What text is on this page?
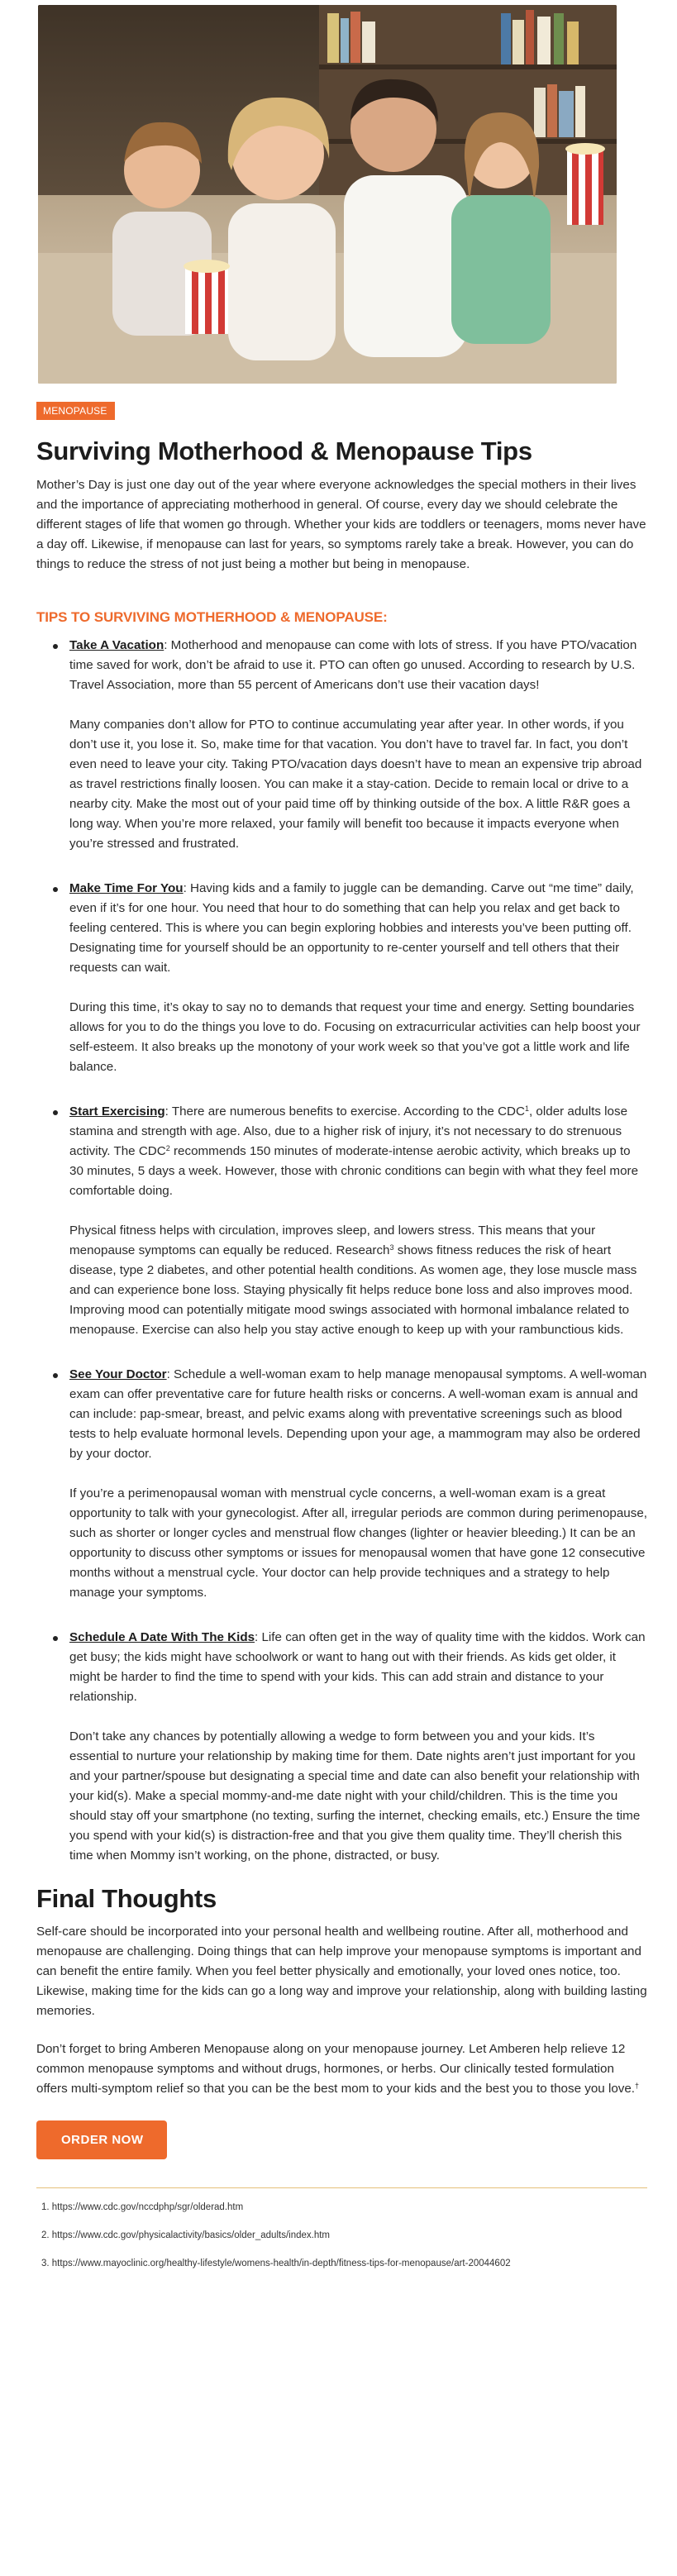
MENOPAUSE
Surviving Motherhood & Menopause Tips

Mother’s Day is just one day out of the year where everyone acknowledges the special mothers in their lives and the importance of appreciating motherhood in general. Of course, every day we should celebrate the different stages of life that women go through. Whether your kids are toddlers or teenagers, moms never have a day off. Likewise, if menopause can last for years, so symptoms rarely take a break. However, you can do things to reduce the stress of not just being a mother but being in menopause.

TIPS TO SURVIVING MOTHERHOOD & MENOPAUSE:

Take A Vacation: Motherhood and menopause can come with lots of stress. If you have PTO/vacation time saved for work, don’t be afraid to use it. PTO can often go unused. According to research by U.S. Travel Association, more than 55 percent of Americans don’t use their vacation days!

Many companies don’t allow for PTO to continue accumulating year after year. In other words, if you don’t use it, you lose it. So, make time for that vacation. You don’t have to travel far. In fact, you don’t even need to leave your city. Taking PTO/vacation days doesn’t have to mean an expensive trip abroad as travel restrictions finally loosen. You can make it a stay-cation. Decide to remain local or drive to a nearby city. Make the most out of your paid time off by thinking outside of the box. A little R&R goes a long way. When you’re more relaxed, your family will benefit too because it impacts everyone when you’re stressed and frustrated.

Make Time For You: Having kids and a family to juggle can be demanding. Carve out “me time” daily, even if it’s for one hour. You need that hour to do something that can help you relax and get back to feeling centered. This is where you can begin exploring hobbies and interests you’ve been putting off. Designating time for yourself should be an opportunity to re-center yourself and tell others that their requests can wait.

During this time, it’s okay to say no to demands that request your time and energy. Setting boundaries allows for you to do the things you love to do. Focusing on extracurricular activities can help boost your self-esteem. It also breaks up the monotony of your work week so that you’ve got a little work and life balance.

Start Exercising: There are numerous benefits to exercise. According to the CDC$^1$, older adults lose stamina and strength with age. Also, due to a higher risk of injury, it’s not necessary to do strenuous activity. The CDC$^2$ recommends 150 minutes of moderate-intense aerobic activity, which breaks up to 30 minutes, 5 days a week. However, those with chronic conditions can begin with what they feel more comfortable doing.

Physical fitness helps with circulation, improves sleep, and lowers stress. This means that your menopause symptoms can equally be reduced. Research$^3$ shows fitness reduces the risk of heart disease, type 2 diabetes, and other potential health conditions. As women age, they lose muscle mass and can experience bone loss. Staying physically fit helps reduce bone loss and also improves mood. Improving mood can potentially mitigate mood swings associated with hormonal imbalance related to menopause. Exercise can also help you stay active enough to keep up with your rambunctious kids.

See Your Doctor: Schedule a well-woman exam to help manage menopausal symptoms. A well-woman exam can offer preventative care for future health risks or concerns. A well-woman exam is annual and can include: pap-smear, breast, and pelvic exams along with preventative screenings such as blood tests to help evaluate hormonal levels. Depending upon your age, a mammogram may also be ordered by your doctor.

If you’re a perimenopausal woman with menstrual cycle concerns, a well-woman exam is a great opportunity to talk with your gynecologist. After all, irregular periods are common during perimenopause, such as shorter or longer cycles and menstrual flow changes (lighter or heavier bleeding.) It can be an opportunity to discuss other symptoms or issues for menopausal women that have gone 12 consecutive months without a menstrual cycle. Your doctor can help provide techniques and a strategy to help manage your symptoms.

Schedule A Date With The Kids: Life can often get in the way of quality time with the kiddos. Work can get busy; the kids might have schoolwork or want to hang out with their friends. As kids get older, it might be harder to find the time to spend with your kids. This can add strain and distance to your relationship.

Don’t take any chances by potentially allowing a wedge to form between you and your kids. It’s essential to nurture your relationship by making time for them. Date nights aren’t just important for you and your partner/spouse but designating a special time and date can also benefit your relationship with your kid(s). Make a special mommy-and-me date night with your child/children. This is the time you should stay off your smartphone (no texting, surfing the internet, checking emails, etc.) Ensure the time you spend with your kid(s) is distraction-free and that you give them quality time. They’ll cherish this time when Mommy isn’t working, on the phone, distracted, or busy.

Final Thoughts

Self-care should be incorporated into your personal health and wellbeing routine. After all, motherhood and menopause are challenging. Doing things that can help improve your menopause symptoms is important and can benefit the entire family. When you feel better physically and emotionally, your loved ones notice, too. Likewise, making time for the kids can go a long way and improve your relationship, along with building lasting memories.

Don’t forget to bring Amberen Menopause along on your menopause journey. Let Amberen help relieve 12 common menopause symptoms and without drugs, hormones, or herbs. Our clinically tested formulation offers multi-symptom relief so that you can be the best mom to your kids and the best you to those you love.†

ORDER NOW
1. https://www.cdc.gov/nccdphp/sgr/olderad.htm
2. https://www.cdc.gov/physicalactivity/basics/older_adults/index.htm
3. https://www.mayoclinic.org/healthy-lifestyle/womens-health/in-depth/fitness-tips-for-menopause/art-20044602
